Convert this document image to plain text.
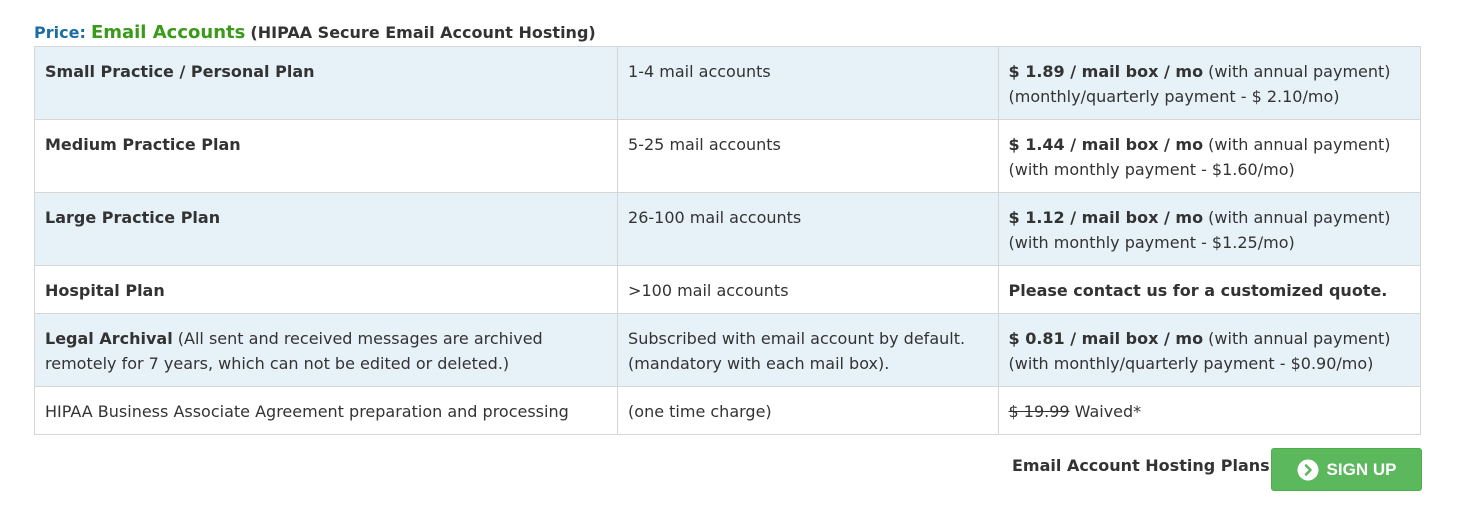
Price: Email Accounts (HIPAA Secure Email Account Hosting)
Small Practice / Personal Plan	1-4 mail accounts	$ 1.89 / mail box / mo (with annual payment)
(monthly/quarterly payment - $ 2.10/mo)
Medium Practice Plan	5-25 mail accounts	$ 1.44 / mail box / mo (with annual payment)
(with monthly payment - $1.60/mo)
Large Practice Plan	26-100 mail accounts	$ 1.12 / mail box / mo (with annual payment)
(with monthly payment - $1.25/mo)
Hospital Plan	>100 mail accounts	Please contact us for a customized quote.
Legal Archival (All sent and received messages are archived remotely for 7 years, which can not be edited or deleted.)	Subscribed with email account by default. (mandatory with each mail box).	$ 0.81 / mail box / mo (with annual payment)
(with monthly/quarterly payment - $0.90/mo)
HIPAA Business Associate Agreement preparation and processing	(one time charge)	$ 19.99 Waived*
Email Account Hosting Plans	SIGN UP
